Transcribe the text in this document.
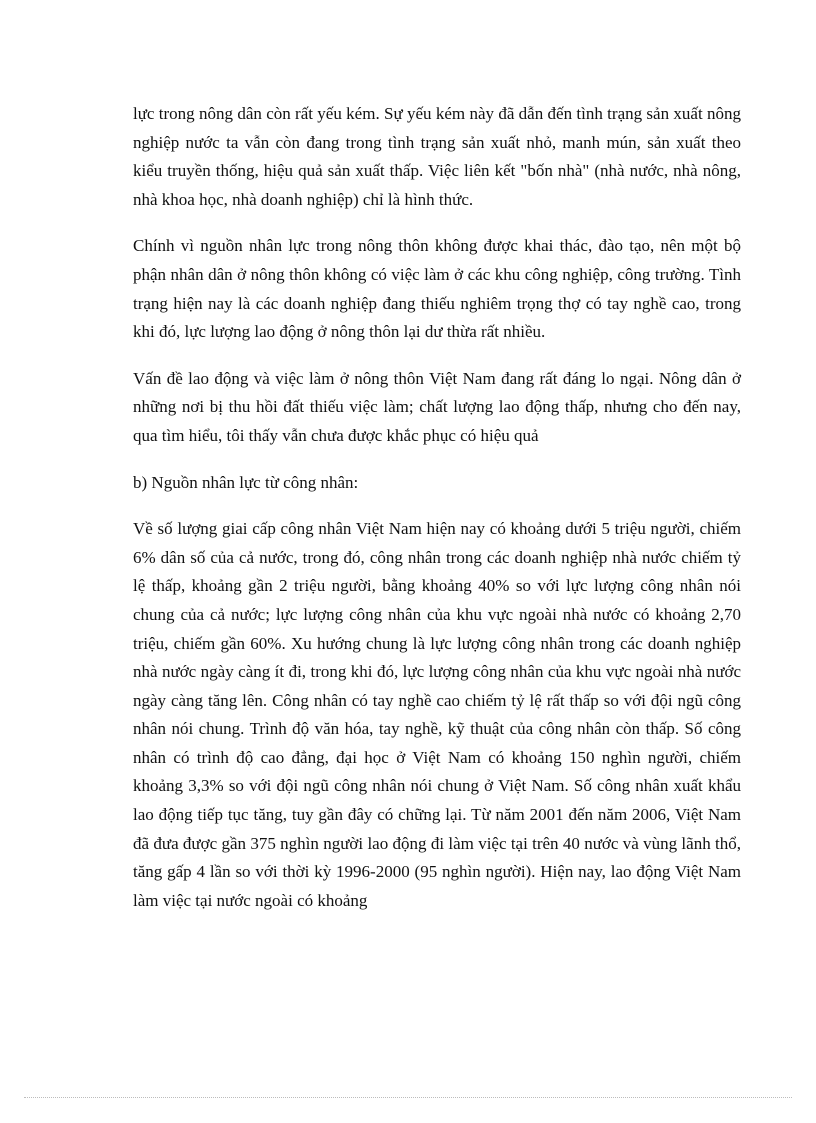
lực trong nông dân còn rất yếu kém. Sự yếu kém này đã dẫn đến tình trạng sản xuất nông nghiệp nước ta vẫn còn đang trong tình trạng sản xuất nhỏ, manh mún, sản xuất theo kiểu truyền thống, hiệu quả sản xuất thấp. Việc liên kết "bốn nhà" (nhà nước, nhà nông, nhà khoa học, nhà doanh nghiệp) chỉ là hình thức.

Chính vì nguồn nhân lực trong nông thôn không được khai thác, đào tạo, nên một bộ phận nhân dân ở nông thôn không có việc làm ở các khu công nghiệp, công trường. Tình trạng hiện nay là các doanh nghiệp đang thiếu nghiêm trọng thợ có tay nghề cao, trong khi đó, lực lượng lao động ở nông thôn lại dư thừa rất nhiều.

Vấn đề lao động và việc làm ở nông thôn Việt Nam đang rất đáng lo ngại. Nông dân ở những nơi bị thu hồi đất thiếu việc làm; chất lượng lao động thấp, nhưng cho đến nay, qua tìm hiểu, tôi thấy vẫn chưa được khắc phục có hiệu quả

b) Nguồn nhân lực từ công nhân:

Về số lượng giai cấp công nhân Việt Nam hiện nay có khoảng dưới 5 triệu người, chiếm 6% dân số của cả nước, trong đó, công nhân trong các doanh nghiệp nhà nước chiếm tỷ lệ thấp, khoảng gần 2 triệu người, bằng khoảng 40% so với lực lượng công nhân nói chung của cả nước; lực lượng công nhân của khu vực ngoài nhà nước có khoảng 2,70 triệu, chiếm gần 60%. Xu hướng chung là lực lượng công nhân trong các doanh nghiệp nhà nước ngày càng ít đi, trong khi đó, lực lượng công nhân của khu vực ngoài nhà nước ngày càng tăng lên. Công nhân có tay nghề cao chiếm tỷ lệ rất thấp so với đội ngũ công nhân nói chung. Trình độ văn hóa, tay nghề, kỹ thuật của công nhân còn thấp. Số công nhân có trình độ cao đẳng, đại học ở Việt Nam có khoảng 150 nghìn người, chiếm khoảng 3,3% so với đội ngũ công nhân nói chung ở Việt Nam. Số công nhân xuất khẩu lao động tiếp tục tăng, tuy gần đây có chững lại. Từ năm 2001 đến năm 2006, Việt Nam đã đưa được gần 375 nghìn người lao động đi làm việc tại trên 40 nước và vùng lãnh thổ, tăng gấp 4 lần so với thời kỳ 1996-2000 (95 nghìn người). Hiện nay, lao động Việt Nam làm việc tại nước ngoài có khoảng
